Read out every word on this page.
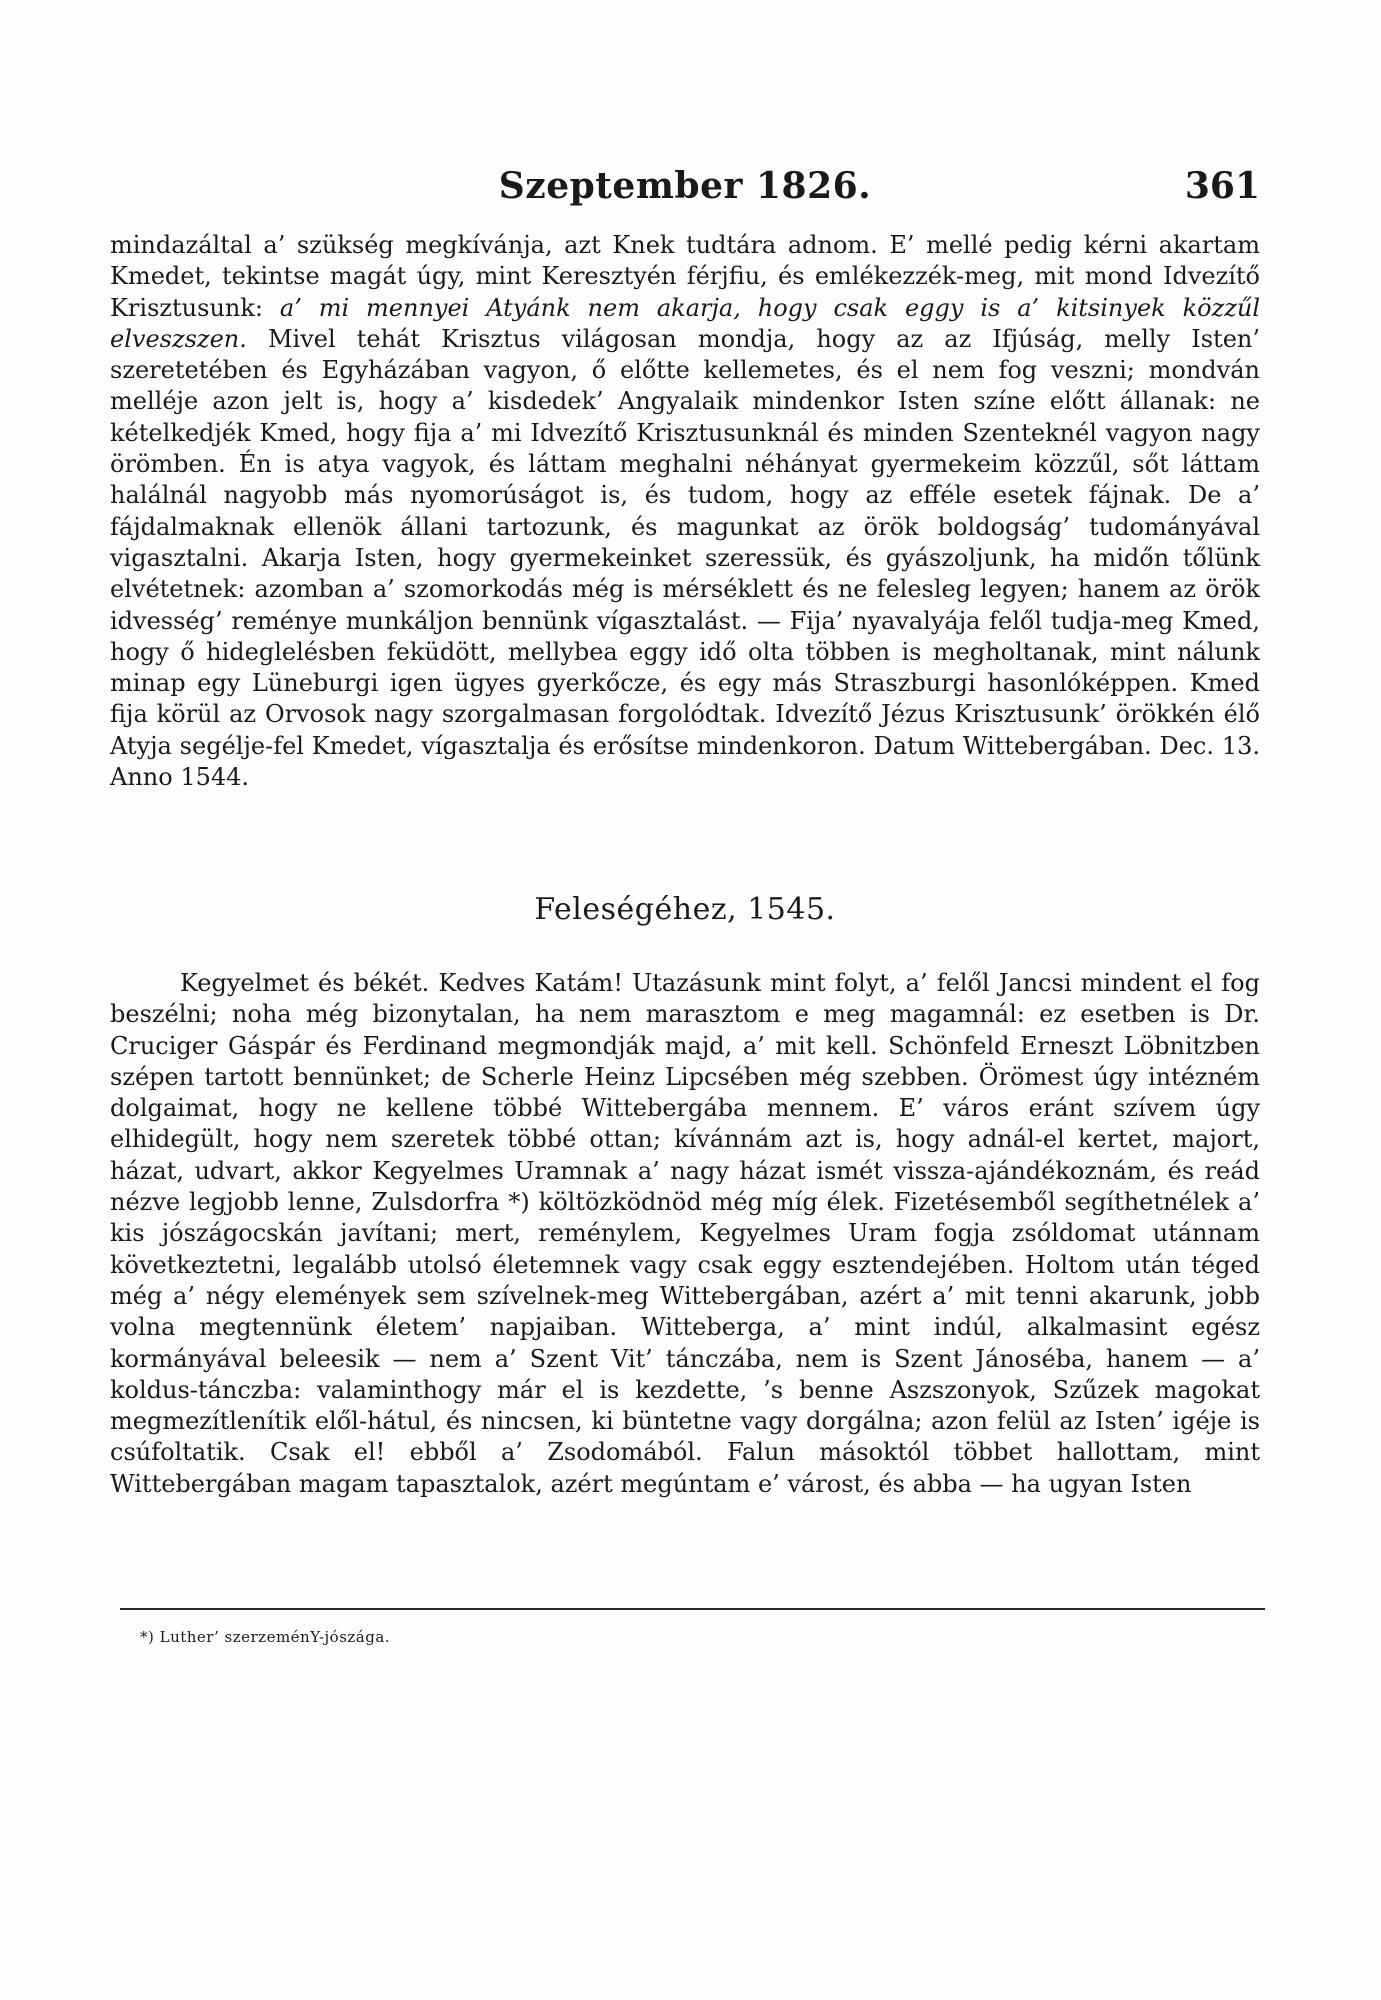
Szeptember 1826.	361

mindazáltal a’ szükség megkívánja, azt Knek tudtára adnom. E’ mellé pedig kérni akartam Kmedet, tekintse magát úgy, mint Keresztyén férjfiu, és emlékezzék-meg, mit mond Idvezítő Krisztusunk: a’ mi mennyei Atyánk nem akarja, hogy csak eggy is a’ kitsinyek közzűl elveszszen. Mivel tehát Krisztus világosan mondja, hogy az az Ifjúság, melly Isten’ szeretetében és Egyházában vagyon, ő előtte kellemetes, és el nem fog veszni; mondván melléje azon jelt is, hogy a’ kisdedek’ Angyalaik mindenkor Isten színe előtt állanak: ne kételkedjék Kmed, hogy fija a’ mi Idvezítő Krisztusunknál és minden Szenteknél vagyon nagy örömben. Én is atya vagyok, és láttam meghalni néhányat gyermekeim közzűl, sőt láttam halálnál nagyobb más nyomorúságot is, és tudom, hogy az efféle esetek fájnak. De a’ fájdalmaknak ellenök állani tartozunk, és magunkat az örök boldogság’ tudományával vigasztalni. Akarja Isten, hogy gyermekeinket szeressük, és gyászoljunk, ha midőn tőlünk elvétetnek: azomban a’ szomorkodás még is mérséklett és ne felesleg legyen; hanem az örök idvesség’ reménye munkáljon bennünk vígasztalást. — Fija’ nyavalyája felől tudja-meg Kmed, hogy ő hideglelésben feküdött, mellybea eggy idő olta többen is megholtanak, mint nálunk minap egy Lüneburgi igen ügyes gyerkőcze, és egy más Straszburgi hasonlóképpen. Kmed fija körül az Orvosok nagy szorgalmasan forgolódtak. Idvezítő Jézus Krisztusunk’ örökkén élő Atyja segélje-fel Kmedet, vígasztalja és erősítse mindenkoron. Datum Wittebergában. Dec. 13. Anno 1544.

Feleségéhez, 1545.

Kegyelmet és békét. Kedves Katám! Utazásunk mint folyt, a’ felől Jancsi mindent el fog beszélni; noha még bizonytalan, ha nem marasztom e meg magamnál: ez esetben is Dr. Cruciger Gáspár és Ferdinand megmondják majd, a’ mit kell. Schönfeld Erneszt Löbnitzben szépen tartott bennünket; de Scherle Heinz Lipcsében még szebben. Örömest úgy intézném dolgaimat, hogy ne kellene többé Wittebergába mennem. E’ város eránt szívem úgy elhidegült, hogy nem szeretek többé ottan; kívánnám azt is, hogy adnál-el kertet, majort, házat, udvart, akkor Kegyelmes Uramnak a’ nagy házat ismét vissza-ajándékoznám, és reád nézve legjobb lenne, Zulsdorfra *) költözködnöd még míg élek. Fizetésemből segíthetnélek a’ kis jószágocskán javítani; mert, reménylem, Kegyelmes Uram fogja zsóldomat utánnam következtetni, legalább utolsó életemnek vagy csak eggy esztendejében. Holtom után téged még a’ négy elemények sem szívelnek-meg Wittebergában, azért a’ mit tenni akarunk, jobb volna megtennünk életem’ napjaiban. Witteberga, a’ mint indúl, alkalmasint egész kormányával beleesik — nem a’ Szent Vit’ tánczába, nem is Szent Jánoséba, hanem — a’ koldus-tánczba: valaminthogy már el is kezdette, ’s benne Aszszonyok, Szűzek magokat megmezítlenítik elől-hátul, és nincsen, ki büntetne vagy dorgálna; azon felül az Isten’ igéje is csúfoltatik. Csak el! ebből a’ Zsodomából. Falun másoktól többet hallottam, mint Wittebergában magam tapasztalok, azért megúntam e’ várost, és abba — ha ugyan Isten

*) Luther’ szerzeménY-jószága.
